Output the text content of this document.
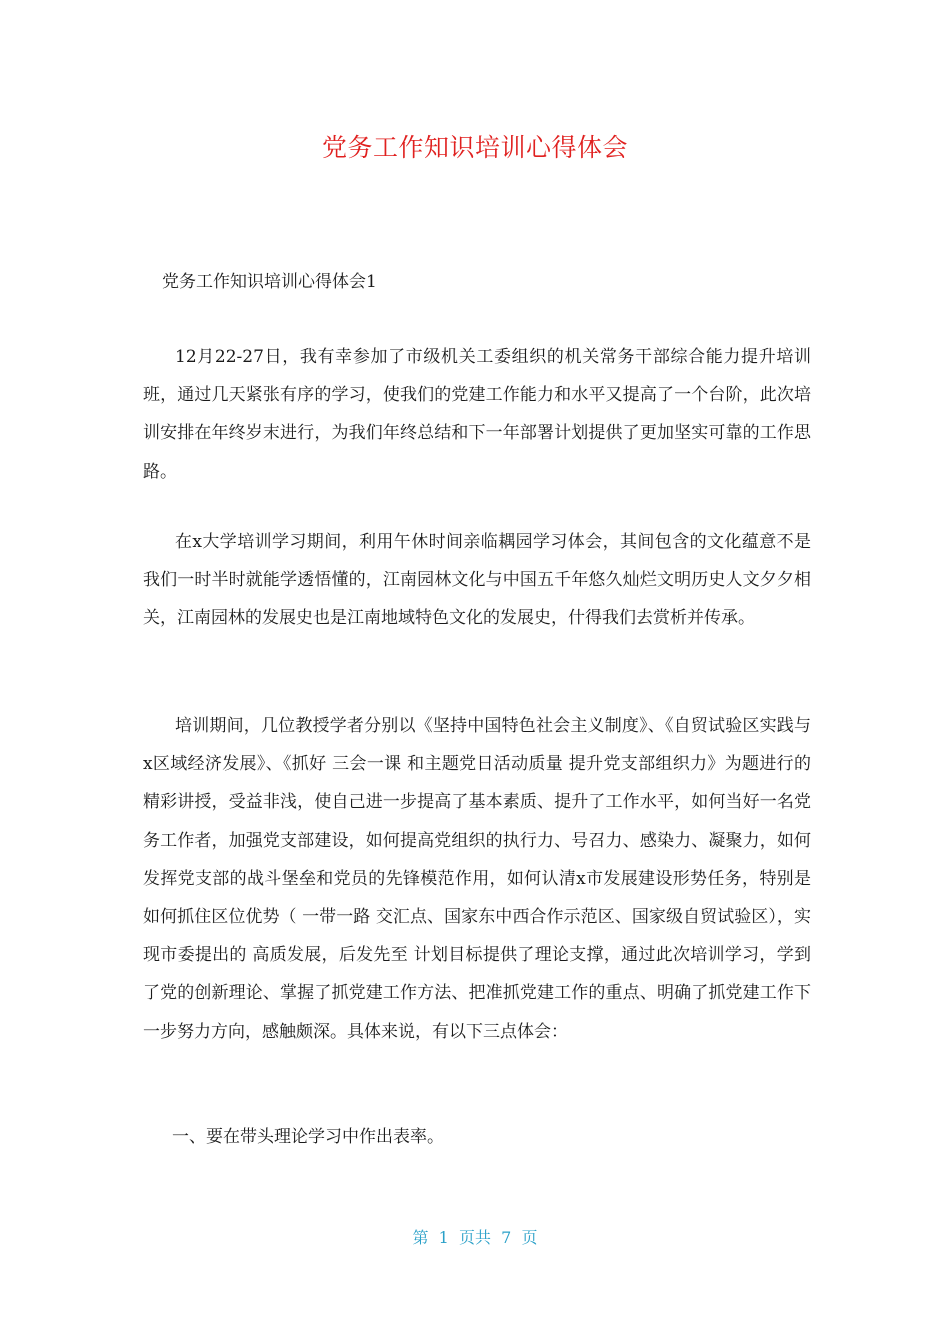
党务工作知识培训心得体会
党务工作知识培训心得体会1

12月22-27日，我有幸参加了市级机关工委组织的机关常务干部综合能力提升培训班，通过几天紧张有序的学习，使我们的党建工作能力和水平又提高了一个台阶，此次培训安排在年终岁末进行，为我们年终总结和下一年部署计划提供了更加坚实可靠的工作思路。

在x大学培训学习期间，利用午休时间亲临耦园学习体会，其间包含的文化蕴意不是我们一时半时就能学透悟懂的，江南园林文化与中国五千年悠久灿烂文明历史人文夕夕相关，江南园林的发展史也是江南地域特色文化的发展史，什得我们去赏析并传承。

培训期间，几位教授学者分别以《坚持中国特色社会主义制度》、《自贸试验区实践与x区域经济发展》、《抓好 三会一课 和主题党日活动质量 提升党支部组织力》为题进行的精彩讲授，受益非浅，使自己进一步提高了基本素质、提升了工作水平，如何当好一名党务工作者，加强党支部建设，如何提高党组织的执行力、号召力、感染力、凝聚力，如何发挥党支部的战斗堡垒和党员的先锋模范作用，如何认清x市发展建设形势任务，特别是如何抓住区位优势（ 一带一路 交汇点、国家东中西合作示范区、国家级自贸试验区），实现市委提出的 高质发展，后发先至 计划目标提供了理论支撑，通过此次培训学习，学到了党的创新理论、掌握了抓党建工作方法、把准抓党建工作的重点、明确了抓党建工作下一步努力方向，感触颇深。具体来说，有以下三点体会：

一、要在带头理论学习中作出表率。
第  1  页共  7  页
